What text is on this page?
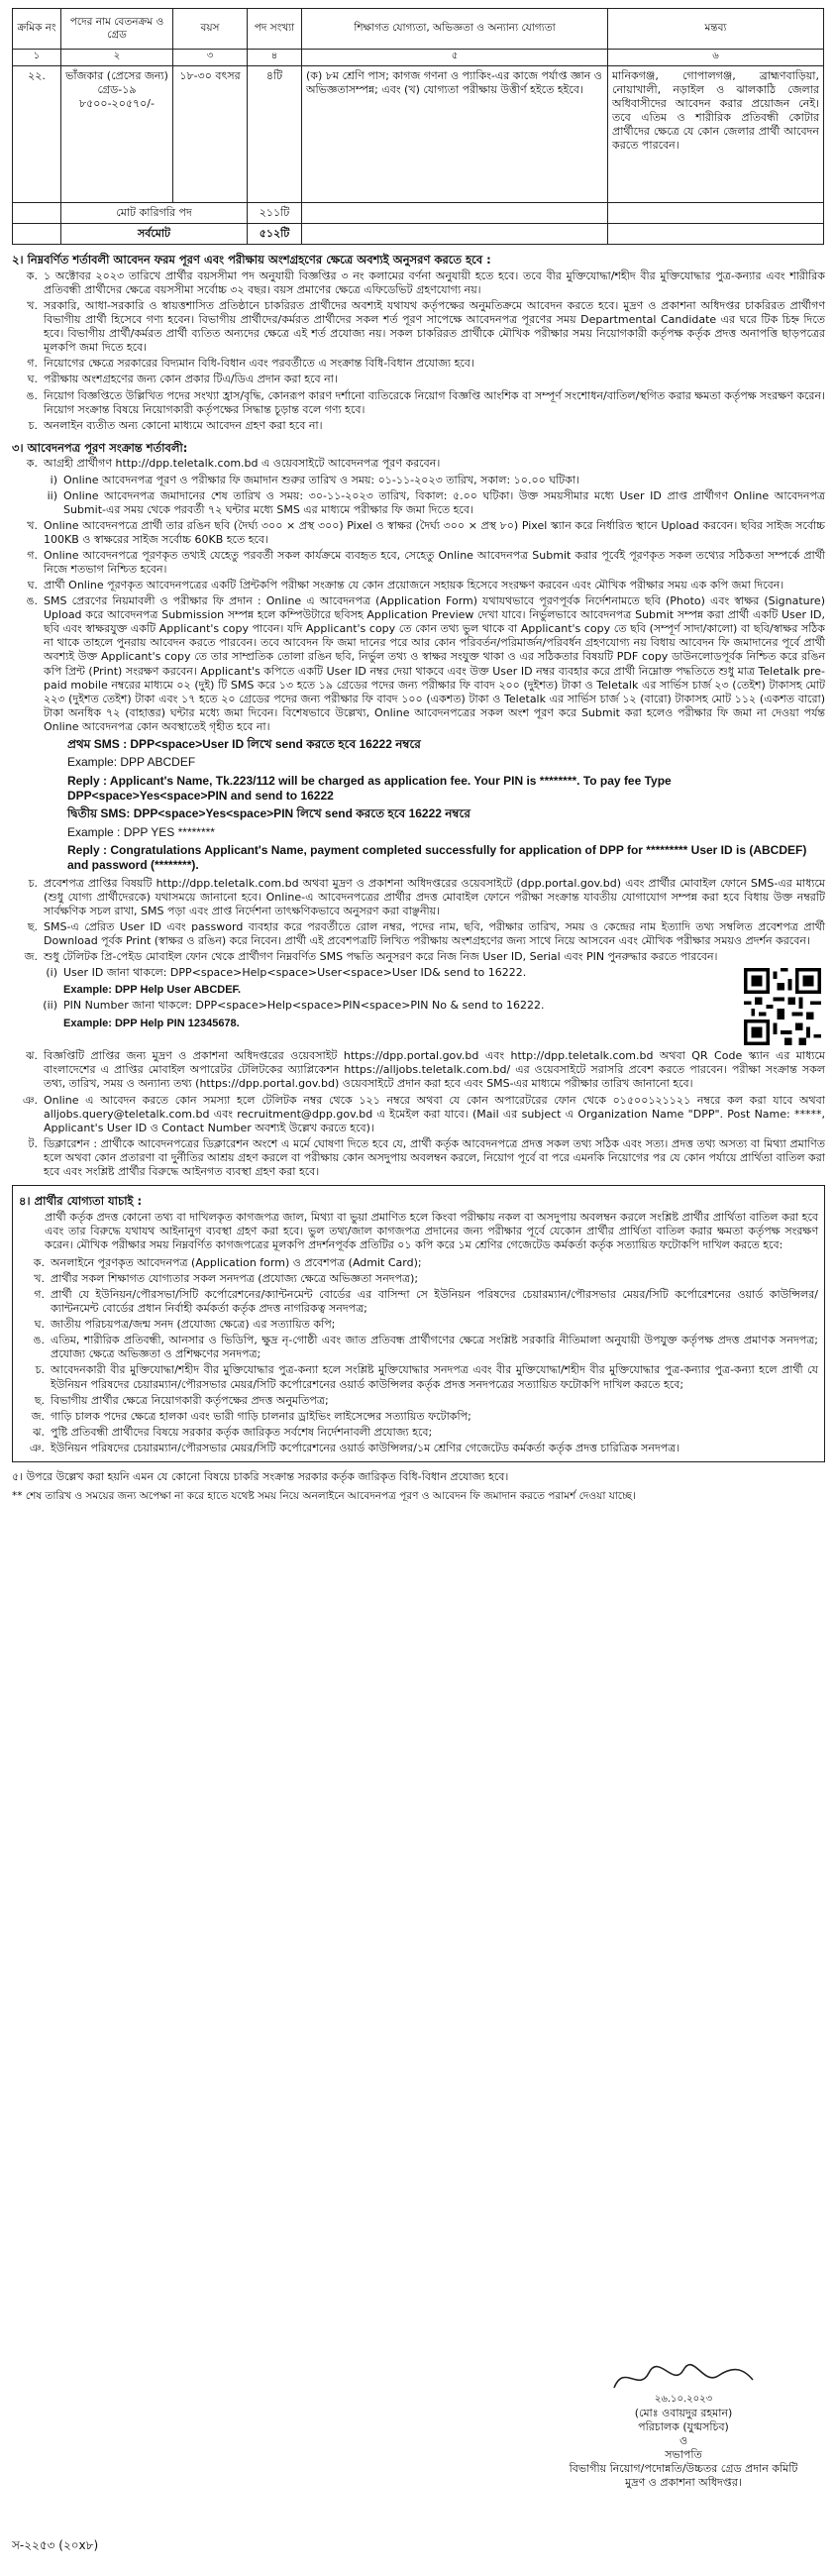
ক্রমিক নং	পদের নাম বেতনক্রম ও গ্রেড	বয়স	পদ সংখ্যা	শিক্ষাগত যোগ্যতা, অভিজ্ঞতা ও অন্যান্য যোগ্যতা	মন্তব্য
১	২	৩	৪	৫	৬
২২.	ভাঁজকার (প্রেসের জন্য) গ্রেড-১৯ ৮৫০০-২০৫৭০/-	১৮-৩০ বৎসর	৪টি	(ক) ৮ম শ্রেণি পাস; কাগজ গণনা ও প্যাকিং-এর কাজে পর্যাপ্ত জ্ঞান ও অভিজ্ঞতাসম্পন্ন; এবং (খ) যোগ্যতা পরীক্ষায় উত্তীর্ণ হইতে হইবে।	মানিকগঞ্জ, গোপালগঞ্জ, ব্রাহ্মণবাড়িয়া, নোয়াখালী, নড়াইল ও ঝালকাঠি জেলার অধিবাসীদের আবেদন করার প্রয়োজন নেই। তবে এতিম ও শারীরিক প্রতিবন্ধী কোটার প্রার্থীদের ক্ষেত্রে যে কোন জেলার প্রার্থী আবেদন করতে পারবেন।
	মোট কারিগরি পদ		২১১টি		
	সর্বমোট		৫১২টি		
২। নিম্নবর্ণিত শর্তাবলী আবেদন ফরম পূরণ এবং পরীক্ষায় অংশগ্রহণের ক্ষেত্রে অবশ্যই অনুসরণ করতে হবে :
ক. ১ অক্টোবর ২০২৩ তারিখে প্রার্থীর বয়সসীমা পদ অনুযায়ী বিজ্ঞপ্তির ৩ নং কলামের বর্ণনা অনুযায়ী হতে হবে। তবে বীর মুক্তিযোদ্ধা/শহীদ বীর মুক্তিযোদ্ধার পুত্র-কন্যার এবং শারীরিক প্রতিবন্ধী প্রার্থীদের ক্ষেত্রে বয়সসীমা সর্বোচ্চ ৩২ বছর। বয়স প্রমাণের ক্ষেত্রে এফিডেভিট গ্রহণযোগ্য নয়।
খ. সরকারি, আধা-সরকারি ও স্বায়ত্তশাসিত প্রতিষ্ঠানে চাকরিরত প্রার্থীদের অবশ্যই যথাযথ কর্তৃপক্ষের অনুমতিক্রমে আবেদন করতে হবে। মুদ্রণ ও প্রকাশনা অধিদপ্তর চাকরিরত প্রার্থীগণ বিভাগীয় প্রার্থী হিসেবে গণ্য হবেন। বিভাগীয় প্রার্থীদের/কর্মরত প্রার্থীদের সকল শর্ত পূরণ সাপেক্ষে আবেদনপত্র পূরণের সময় Departmental Candidate এর ঘরে টিক চিহ্ন দিতে হবে। বিভাগীয় প্রার্থী/কর্মরত প্রার্থী ব্যতিত অন্যদের ক্ষেত্রে এই শর্ত প্রযোজ্য নয়। সকল চাকরিরত প্রার্থীকে মৌখিক পরীক্ষার সময় নিয়োগকারী কর্তৃপক্ষ কর্তৃক প্রদত্ত অনাপত্তি ছাড়পত্রের মূলকপি জমা দিতে হবে।
গ. নিয়োগের ক্ষেত্রে সরকারের বিদ্যমান বিধি-বিধান এবং পরবর্তীতে এ সংক্রান্ত বিধি-বিধান প্রযোজ্য হবে।
ঘ. পরীক্ষায় অংশগ্রহণের জন্য কোন প্রকার টিএ/ডিএ প্রদান করা হবে না।
ঙ. নিয়োগ বিজ্ঞপ্তিতে উল্লিখিত পদের সংখ্যা হ্রাস/বৃদ্ধি, কোনরূপ কারণ দর্শানো ব্যতিরেকে নিয়োগ বিজ্ঞপ্তি আংশিক বা সম্পূর্ণ সংশোধন/বাতিল/স্থগিত করার ক্ষমতা কর্তৃপক্ষ সংরক্ষণ করেন। নিয়োগ সংক্রান্ত বিষয়ে নিয়োগকারী কর্তৃপক্ষের সিদ্ধান্ত চূড়ান্ত বলে গণ্য হবে।
চ. অনলাইন ব্যতীত অন্য কোনো মাধ্যমে আবেদন গ্রহণ করা হবে না।
৩। আবেদনপত্র পূরণ সংক্রান্ত শর্তাবলী:
ক. আগ্রহী প্রার্থীগণ http://dpp.teletalk.com.bd এ ওয়েবসাইটে আবেদনপত্র পূরণ করবেন।
i) Online আবেদনপত্র পূরণ ও পরীক্ষার ফি জমাদান শুরুর তারিখ ও সময়: ০১-১১-২০২৩ তারিখ, সকাল: ১০.০০ ঘটিকা।
ii) Online আবেদনপত্র জমাদানের শেষ তারিখ ও সময়: ৩০-১১-২০২৩ তারিখ, বিকাল: ৫.০০ ঘটিকা। উক্ত সময়সীমার মধ্যে User ID প্রাপ্ত প্রার্থীগণ Online আবেদনপত্র Submit-এর সময় থেকে পরবর্তী ৭২ ঘন্টার মধ্যে SMS এর মাধ্যমে পরীক্ষার ফি জমা দিতে হবে।
খ. Online আবেদনপত্রে প্রার্থী তার রঙিন ছবি (দৈর্ঘ্য ৩০০ × প্রস্থ ৩০০) Pixel ও স্বাক্ষর (দৈর্ঘ্য ৩০০ × প্রস্থ ৮০) Pixel স্ক্যান করে নির্ধারিত স্থানে Upload করবেন। ছবির সাইজ সর্বোচ্চ 100KB ও স্বাক্ষরের সাইজ সর্বোচ্চ 60KB হতে হবে।
গ. Online আবেদনপত্রে পূরণকৃত তথ্যই যেহেতু পরবর্তী সকল কার্যক্রমে ব্যবহৃত হবে, সেহেতু Online আবেদনপত্র Submit করার পূর্বেই পূরণকৃত সকল তথ্যের সঠিকতা সম্পর্কে প্রার্থী নিজে শতভাগ নিশ্চিত হবেন।
ঘ. প্রার্থী Online পূরণকৃত আবেদনপত্রের একটি প্রিন্টকপি পরীক্ষা সংক্রান্ত যে কোন প্রয়োজনে সহায়ক হিসেবে সংরক্ষণ করবেন এবং মৌখিক পরীক্ষার সময় এক কপি জমা দিবেন।
ঙ. SMS প্রেরণের নিয়মাবলী ও পরীক্ষার ফি প্রদান : Online এ আবেদনপত্র (Application Form) যথাযথভাবে পূরণপূর্বক নির্দেশনামতে ছবি (Photo) এবং স্বাক্ষর (Signature) Upload করে আবেদনপত্র Submission সম্পন্ন হলে কম্পিউটারে ছবিসহ Application Preview দেখা যাবে। নির্ভুলভাবে আবেদনপত্র Submit সম্পন্ন করা প্রার্থী একটি User ID, ছবি এবং স্বাক্ষরযুক্ত একটি Applicant's copy পাবেন। যদি Applicant's copy তে কোন তথ্য ভুল থাকে বা Applicant's copy তে ছবি (সম্পূর্ণ সাদা/কালো) বা ছবি/স্বাক্ষর সঠিক না থাকে তাহলে পুনরায় আবেদন করতে পারবেন। তবে আবেদন ফি জমা দানের পরে আর কোন পরিবর্তন/পরিমার্জন/পরিবর্ধন গ্রহণযোগ্য নয় বিধায় আবেদন ফি জমাদানের পূর্বে প্রার্থী অবশ্যই উক্ত Applicant's copy তে তার সাম্প্রতিক তোলা রঙিন ছবি, নির্ভুল তথ্য ও স্বাক্ষর সংযুক্ত থাকা ও এর সঠিকতার বিষয়টি PDF copy ডাউনলোডপূর্বক নিশ্চিত করে রঙিন কপি প্রিন্ট (Print) সংরক্ষণ করবেন। Applicant's কপিতে একটি User ID নম্বর দেয়া থাকবে এবং উক্ত User ID নম্বর ব্যবহার করে প্রার্থী নিম্নোক্ত পদ্ধতিতে শুধু মাত্র Teletalk pre-paid mobile নম্বরের মাধ্যমে ০২ (দুই) টি SMS করে ১৩ হতে ১৯ গ্রেডের পদের জন্য পরীক্ষার ফি বাবদ ২০০ (দুইশত) টাকা ও Teletalk এর সার্ভিস চার্জ ২৩ (তেইশ) টাকাসহ মোট ২২৩ (দুইশত তেইশ) টাকা এবং ১৭ হতে ২০ গ্রেডের পদের জন্য পরীক্ষার ফি বাবদ ১০০ (একশত) টাকা ও Teletalk এর সার্ভিস চার্জ ১২ (বারো) টাকাসহ মোট ১১২ (একশত বারো) টাকা অনধিক ৭২ (বাহাত্তর) ঘন্টার মধ্যে জমা দিবেন। বিশেষভাবে উল্লেখ্য, Online আবেদনপত্রের সকল অংশ পূরণ করে Submit করা হলেও পরীক্ষার ফি জমা না দেওয়া পর্যন্ত Online আবেদনপত্র কোন অবস্থাতেই গৃহীত হবে না।
প্রথম SMS : DPP<space>User ID লিখে send করতে হবে 16222 নম্বরে
Example: DPP ABCDEF
Reply : Applicant's Name, Tk.223/112 will be charged as application fee. Your PIN is ********. To pay fee Type DPP<space>Yes<space>PIN and send to 16222
দ্বিতীয় SMS: DPP<space>Yes<space>PIN লিখে send করতে হবে 16222 নম্বরে
Example : DPP YES ********
Reply : Congratulations Applicant's Name, payment completed successfully for application of DPP for ********* User ID is (ABCDEF) and password (********).
চ. প্রবেশপত্র প্রাপ্তির বিষয়টি http://dpp.teletalk.com.bd অথবা মুদ্রণ ও প্রকাশনা অধিদপ্তরের ওয়েবসাইটে (dpp.portal.gov.bd) এবং প্রার্থীর মোবাইল ফোনে SMS-এর মাধ্যমে (শুধু যোগ্য প্রার্থীদেরকে) যথাসময়ে জানানো হবে। Online-এ আবেদনপত্রের প্রার্থীর প্রদত্ত মোবাইল ফোনে পরীক্ষা সংক্রান্ত যাবতীয় যোগাযোগ সম্পন্ন করা হবে বিধায় উক্ত নম্বরটি সার্বক্ষণিক সচল রাখা, SMS পড়া এবং প্রাপ্ত নির্দেশনা তাৎক্ষণিকভাবে অনুসরণ করা বাঞ্ছনীয়।
ছ. SMS-এ প্রেরিত User ID এবং password ব্যবহার করে পরবর্তীতে রোল নম্বর, পদের নাম, ছবি, পরীক্ষার তারিখ, সময় ও কেন্দ্রের নাম ইত্যাদি তথ্য সম্বলিত প্রবেশপত্র প্রার্থী Download পূর্বক Print (স্বাক্ষর ও রঙিন) করে নিবেন। প্রার্থী এই প্রবেশপত্রটি লিখিত পরীক্ষায় অংশগ্রহণের জন্য সাথে নিয়ে আসবেন এবং মৌখিক পরীক্ষার সময়ও প্রদর্শন করবেন।
জ. শুধু টেলিটক প্রি-পেইড মোবাইল ফোন থেকে প্রার্থীগণ নিম্নবর্ণিত SMS পদ্ধতি অনুসরণ করে নিজ নিজ User ID, Serial এবং PIN পুনরুদ্ধার করতে পারবেন।
(i) User ID জানা থাকলে: DPP<space>Help<space>User<space>User ID& send to 16222.
Example: DPP Help User ABCDEF.
(ii) PIN Number জানা থাকলে: DPP<space>Help<space>PIN<space>PIN No & send to 16222.
Example: DPP Help PIN 12345678.
ঝ. বিজ্ঞপ্তিটি প্রাপ্তির জন্য মুদ্রণ ও প্রকাশনা অধিদপ্তরের ওয়েবসাইট https://dpp.portal.gov.bd এবং http://dpp.teletalk.com.bd অথবা QR Code স্ক্যান এর মাধ্যমে বাংলাদেশের এ প্রাপ্তির মোবাইল অপারেটর টেলিটকের অ্যাপ্লিকেশন https://alljobs.teletalk.com.bd/ এর ওয়েবসাইটে সরাসরি প্রবেশ করতে পারবেন। পরীক্ষা সংক্রান্ত সকল তথ্য, তারিখ, সময় ও অন্যান্য তথ্য (https://dpp.portal.gov.bd) ওয়েবসাইটে প্রদান করা হবে এবং SMS-এর মাধ্যমে পরীক্ষার তারিখ জানানো হবে।
ঞ. Online এ আবেদন করতে কোন সমস্যা হলে টেলিটক নম্বর থেকে ১২১ নম্বরে অথবা যে কোন অপারেটরের ফোন থেকে ০১৫০০১২১১২১ নম্বরে কল করা যাবে অথবা alljobs.query@teletalk.com.bd এবং recruitment@dpp.gov.bd এ ইমেইল করা যাবে। (Mail এর subject এ Organization Name "DPP". Post Name: *****, Applicant's User ID ও Contact Number অবশ্যই উল্লেখ করতে হবে)।
ট. ডিক্লারেশন : প্রার্থীকে আবেদনপত্রের ডিক্লারেশন অংশে এ মর্মে ঘোষণা দিতে হবে যে, প্রার্থী কর্তৃক আবেদনপত্রে প্রদত্ত সকল তথ্য সঠিক এবং সত্য। প্রদত্ত তথ্য অসত্য বা মিথ্যা প্রমাণিত হলে অথবা কোন প্রতারণা বা দুর্নীতির আশ্রয় গ্রহণ করলে বা পরীক্ষায় কোন অসদুপায় অবলম্বন করলে, নিয়োগ পূর্বে বা পরে এমনকি নিয়োগের পর যে কোন পর্যায়ে প্রার্থিতা বাতিল করা হবে এবং সংশ্লিষ্ট প্রার্থীর বিরুদ্ধে আইনগত ব্যবস্থা গ্রহণ করা হবে।
৪। প্রার্থীর যোগ্যতা যাচাই :
প্রার্থী কর্তৃক প্রদত্ত কোনো তথ্য বা দাখিলকৃত কাগজপত্র জাল, মিথ্যা বা ভুয়া প্রমাণিত হলে কিংবা পরীক্ষায় নকল বা অসদুপায় অবলম্বন করলে সংশ্লিষ্ট প্রার্থীর প্রার্থিতা বাতিল করা হবে এবং তার বিরুদ্ধে যথাযথ আইনানুগ ব্যবস্থা গ্রহণ করা হবে। ভুল তথ্য/জাল কাগজপত্র প্রদানের জন্য পরীক্ষার পূর্বে যেকোন প্রার্থীর প্রার্থিতা বাতিল করার ক্ষমতা কর্তৃপক্ষ সংরক্ষণ করেন। মৌখিক পরীক্ষার সময় নিম্নবর্ণিত কাগজপত্রের মূলকপি প্রদর্শনপূর্বক প্রতিটির ০১ কপি করে ১ম শ্রেণির গেজেটেড কর্মকর্তা কর্তৃক সত্যায়িত ফটোকপি দাখিল করতে হবে:
ক. অনলাইনে পূরণকৃত আবেদনপত্র (Application form) ও প্রবেশপত্র (Admit Card);
খ. প্রার্থীর সকল শিক্ষাগত যোগ্যতার সকল সনদপত্র (প্রযোজ্য ক্ষেত্রে অভিজ্ঞতা সনদপত্র);
গ. প্রার্থী যে ইউনিয়ন/পৌরসভা/সিটি কর্পোরেশনের/ক্যান্টনমেন্ট বোর্ডের এর বাসিন্দা সে ইউনিয়ন পরিষদের চেয়ারম্যান/পৌরসভার মেয়র/সিটি কর্পোরেশনের ওয়ার্ড কাউন্সিলর/ক্যান্টনমেন্ট বোর্ডের প্রধান নির্বাহী কর্মকর্তা কর্তৃক প্রদত্ত নাগরিকত্ব সনদপত্র;
ঘ. জাতীয় পরিচয়পত্র/জন্ম সনদ (প্রযোজ্য ক্ষেত্রে) এর সত্যায়িত কপি;
ঙ. এতিম, শারীরিক প্রতিবন্ধী, আনসার ও ভিডিপি, ক্ষুদ্র নৃ-গোষ্ঠী এবং জাত প্রতিবন্ধ প্রার্থীগণের ক্ষেত্রে সংশ্লিষ্ট সরকারি নীতিমালা অনুযায়ী উপযুক্ত কর্তৃপক্ষ প্রদত্ত প্রমাণক সনদপত্র; প্রযোজ্য ক্ষেত্রে অভিজ্ঞতা ও প্রশিক্ষণের সনদপত্র;
চ. আবেদনকারী বীর মুক্তিযোদ্ধা/শহীদ বীর মুক্তিযোদ্ধার পুত্র-কন্যা হলে সংশ্লিষ্ট মুক্তিযোদ্ধার সনদপত্র এবং বীর মুক্তিযোদ্ধা/শহীদ বীর মুক্তিযোদ্ধার পুত্র-কন্যার পুত্র-কন্যা হলে প্রার্থী যে ইউনিয়ন পরিষদের চেয়ারম্যান/পৌরসভার মেয়র/সিটি কর্পোরেশনের ওয়ার্ড কাউন্সিলর কর্তৃক প্রদত্ত সনদপত্রের সত্যায়িত ফটোকপি দাখিল করতে হবে;
ছ. বিভাগীয় প্রার্থীর ক্ষেত্রে নিয়োগকারী কর্তৃপক্ষের প্রদত্ত অনুমতিপত্র;
জ. গাড়ি চালক পদের ক্ষেত্রে হালকা এবং ভারী গাড়ি চালনার ড্রাইভিং লাইসেন্সের সত্যায়িত ফটোকপি;
ঝ. পুষ্টি প্রতিবন্ধী প্রার্থীদের বিষয়ে সরকার কর্তৃক জারিকৃত সর্বশেষ নির্দেশনাবলী প্রযোজ্য হবে;
ঞ. ইউনিয়ন পরিষদের চেয়ারম্যান/পৌরসভার মেয়র/সিটি কর্পোরেশনের ওয়ার্ড কাউন্সিলর/১ম শ্রেণির গেজেটেড কর্মকর্তা কর্তৃক প্রদত্ত চারিত্রিক সনদপত্র।
৫। উপরে উল্লেখ করা হয়নি এমন যে কোনো বিষয়ে চাকরি সংক্রান্ত সরকার কর্তৃক জারিকৃত বিধি-বিধান প্রযোজ্য হবে।
** শেষ তারিখ ও সময়ের জন্য অপেক্ষা না করে হাতে যথেষ্ট সময় নিয়ে অনলাইনে আবেদনপত্র পূরণ ও আবেদন ফি জমাদান করতে পরামর্শ দেওয়া যাচ্ছে।
২৬.১০.২০২৩
(মোঃ ওবায়দুর রহমান)
পরিচালক (যুগ্মসচিব)
ও
সভাপতি
বিভাগীয় নিয়োগ/পদোন্নতি/উচ্চতর গ্রেড প্রদান কমিটি
মুদ্রণ ও প্রকাশনা অধিদপ্তর।
স-২২৫৩ (২০x৮)
